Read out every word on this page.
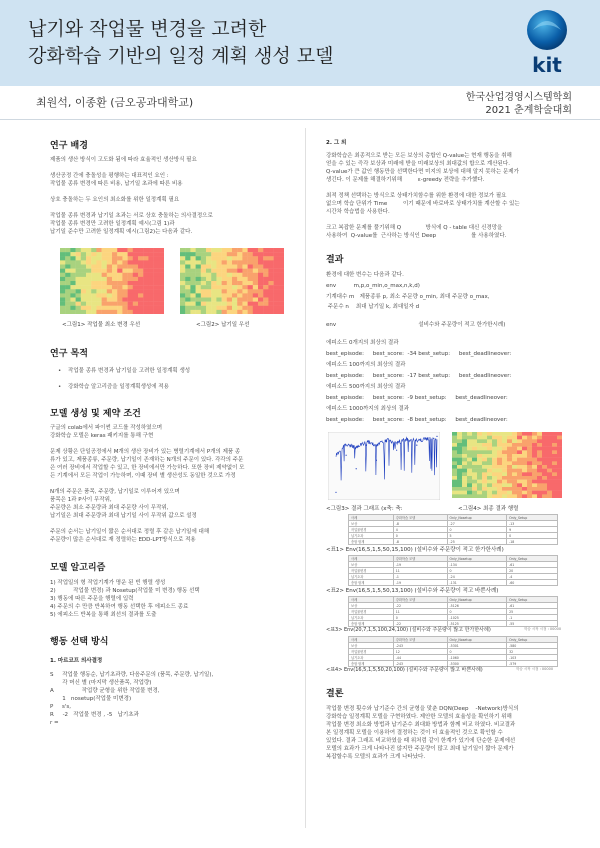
납기와 작업물 변경을 고려한
강화학습 기반의 일정 계획 생성 모델	kit
최원석, 이종환 (금오공과대학교)	한국산업경영시스템학회
2021 춘계학술대회
연구 배경
제품의 생산 방식이 고도화 됨에 따라 효율적인 생산방식 필요
생산공정 간에 충돌성을 평행하는 대표적인 요인 :
작업물 종류 변경에 따른 비용, 납기일 초과에 따른 비용
상호 충돌하는 두 요인의 최소화를 위한 일정계획 필요
작업물 종류 변경과 납기일 초과는 서로 상호 충돌하는 의사결정으로
작업물 종류 변경만 고려한 일정계획 예시(그림 1)과
납기일 준수만 고려한 일정계획 예시(그림2)는 다음과 같다.
<그림1> 작업물 최소 변경 우선	<그림2> 납기일 우선
연구 목적
• 작업물 종류 변경과 납기일을 고려한 일정계획 생성
• 강화학습 알고리즘을 일정계획생성에 적용
모델 생성 및 제약 조건
구글의 colab에서 파이썬 코드를 작성하였으며
강화학습 모델은 keras 패키지를 통해 구현
문제 상황은 단일공정에서 M개의 생산 장비가 있는 병렬기계에서 P개의 제품 종
류가 있고, 제품종류, 주문량, 납기일이 존재하는 N개의 주문이 있다. 각각의 주문
은 여러 장비에서 작업할 수 있고, 한 장비에서만 가능하다. 또한 장비 제약없이 모
든 기계에서 모든 작업이 가능하며, 이때 장비 별 생산성도 동일한 것으로 가정
N개의 주문은 품목, 주문량, 납기일로 이루어져 있으며
품목은 1과 P사이 무작위,
주문량은 최소 주문량과 최대 주문량 사이 무작위,
납기일은 최대 주문량과 최대 납기일 사이 무작위 값으로 설정
주문의 순서는 납기일이 짧은 순서대로 정렬 후 같은 납기일에 대해
주문량이 많은 순서대로 재 정렬하는 EDD-LPT방식으로 적용
모델 알고리즘
1) 작업일의 형 작업기계가 명운 된 빈 행렬 생성
2)          작업물 변경) 과 Nosetup(작업물 미 변경) 행동 선택
3) 행동에 따른 주문을 행렬에 입력
4) 주문의 수 만큼 반복하여 행동 선택한 후 에피소드 종료
5) 에피소드 반복을 통해 최선의 결과를 도출
행동 선택 방식
1. 마르코프 의사결정
S     작업물 행동순, 납기초과량, 다음주문의 (품목, 주문량, 납기일),
각 머신 별 (마지막 생산품목, 작업량)
A                작업량 균형을 위한 작업물 변경,
1   nosetup(작업물 미변경)
P     s's,
R     -2   작업물 변경 , -5   납기초과
r =
2. 그 외
강화학습은 최종적으로 받는 모든 보상의 총합인 Q-value는 현재 행동을 취해
얻을 수 있는 즉각 보상과 미래에 받을 미래보상의 최대값의 합으로 계산된다.
Q-value가 큰 값인 행동만을 선택한다면 미지의 보상에 대해 알지 못하는 문제가
생긴다. 이 문제를 해결하기위해         ε-greedy 전략을 추가했다.
최적 정책 선택하는 방식으로 상태가치함수를 위한 환경에 대한 정보가 필요
없으며 학습 단위가 Time         이기 때문에 바로바로 상태가치를 계산할 수 있는
시간차 학습법을 사용한다.
크고 복잡한 문제를 풀기위해 Q              방식에 Q - table 대신 신경망을
사용하여  Q-value를  근사하는 방식인 Deep                    를 사용하였다.
결과
환경에 대한 변수는 다음과 같다.
env          m,p,o_min,o_max,n,k,d)
기계대수 m   제품종류 p, 최소 주문량 o_min, 최대 주문량 o_max,
주문수 n    최대 납기일 k, 최대일자 d
env                                               설비수와 주문량이 적고 한가한시례)
에피소드 0개지의 최상의 결과
best_episode:     best_score:  -34 best_setup:     best_deadlineover:
에피소드 100까지의 최상의 결과
best_episode:     best_score:  -17 best_setup:     best_deadlineover:
에피소드 500까지의 최상의 결과
best_episode:     best_score:  -9 best_setup:     best_deadlineover:
에피소드 1000까지의 최상의 결과
best_episode:     best_score:  -8 best_setup:     best_deadlineover:
<그림3> 결과 그래프 (x축: 축:	<그림4> 최종 결과 행렬
사례	강화학습 모델	Only_Nosetup	Only_Setup
보상	-8	-27	-13
작업물변경	4	0	9
납기초과	0	5	0
총합 합계	-8	-25	-18
<표1> Env(16,5,1,5,50,15,100) (설비수와 주문량이 적고 한가한사례)
사례	강화학습 모델	Only_Nosetup	Only_Setup
보상	-19	-134	-61
작업물변경	11	0	20
납기초과	-1	-24	-4
총합 합계	-19	-131	-60
<표2> Env(16,5,1,5,50,13,100) (설비수와 주문량이 적고 바쁜사례)
사례	강화학습 모델	Only_Nosetup	Only_Setup
보상	-22	-5126	-61
작업물변경	11	0	25
납기초과	0	-1025	-1
총합 합계	-22	-5125	-55
<표3> Env(20,7,1,5,100,24,100) (설비수와 주문량이 많고 한가한사례)	학습 시작 시점 : 00000
사례	강화학습 모델	Only_Nosetup	Only_Setup
보상	-243	-5301	-580
작업물변경	12	0	32
납기초과	-44	-1060	-103
총합 합계	-243	-5300	-579
<표4> Env(16,5,1,5,50,20,100) (설비수와 주문량이 많고 바쁜사례)	학습 시작 시점 : 00000
결론
작업물 변경 횟수와 납기준수 간의 균형을 맞춘 DQN(Deep    -Network)방식의
강화학습 일정계획 모델을 구현하였다. 제안한 모델의 효율성을 확인하기 위해
작업물 변경 최소화 방법과 납기준수 최대화 방법과 함께 비교 하였다. 비교결과
본 일정계획 모델을 이용하여 결정하는 것이 더 효율적인 것으로 확인할 수
있었다. 결과 그래프 비교하였을 때 위처럼 같이 한계가 있기에 단순한 문제에선
모델의 효과가 크게 나타나진 않지만 주문량이 많고 최대 납기일이 짧아 문제가
복잡할수록 모델의 효과가 크게 나타났다.
